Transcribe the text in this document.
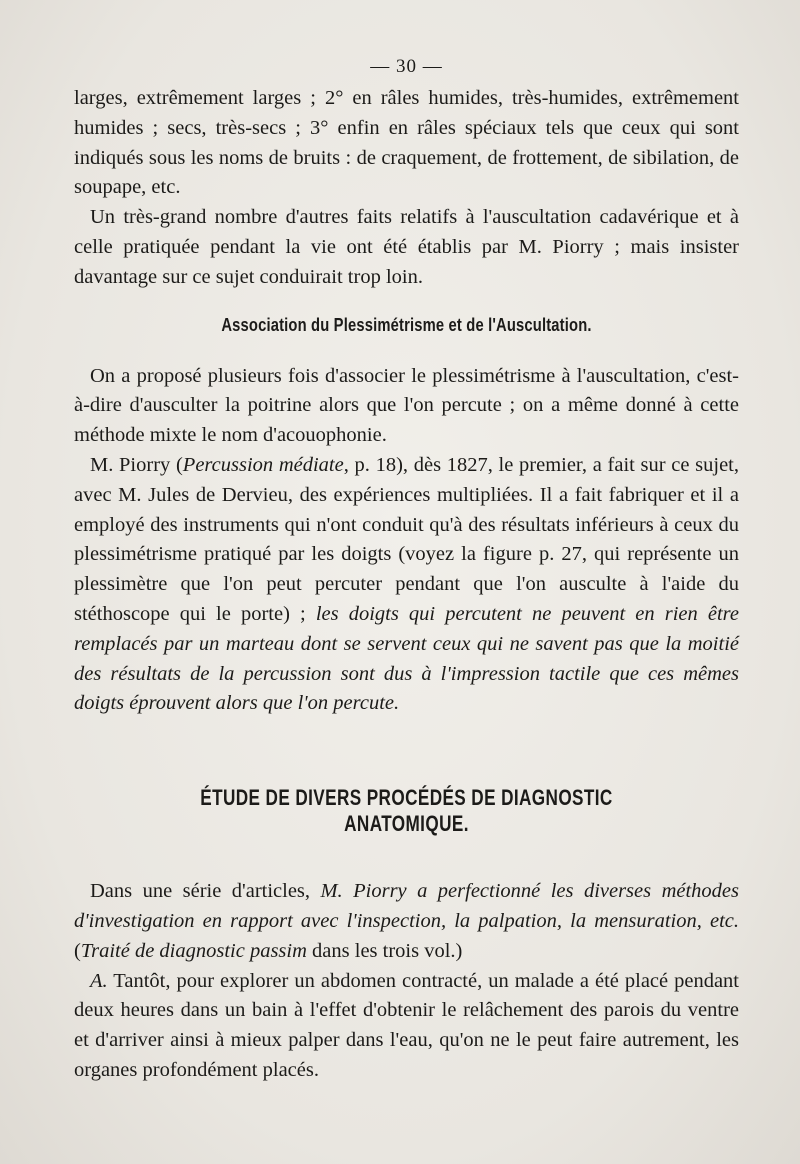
— 30 —

larges, extrêmement larges ; 2° en râles humides, très-humides, extrêmement humides ; secs, très-secs ; 3° enfin en râles spéciaux tels que ceux qui sont indiqués sous les noms de bruits : de craquement, de frottement, de sibilation, de soupape, etc.

Un très-grand nombre d'autres faits relatifs à l'auscultation cadavérique et à celle pratiquée pendant la vie ont été établis par M. Piorry ; mais insister davantage sur ce sujet conduirait trop loin.

Association du Plessimétrisme et de l'Auscultation.

On a proposé plusieurs fois d'associer le plessimétrisme à l'auscultation, c'est-à-dire d'ausculter la poitrine alors que l'on percute ; on a même donné à cette méthode mixte le nom d'acouophonie.

M. Piorry (Percussion médiate, p. 18), dès 1827, le premier, a fait sur ce sujet, avec M. Jules de Dervieu, des expériences multipliées. Il a fait fabriquer et il a employé des instruments qui n'ont conduit qu'à des résultats inférieurs à ceux du plessimétrisme pratiqué par les doigts (voyez la figure p. 27, qui représente un plessimètre que l'on peut percuter pendant que l'on ausculte à l'aide du stéthoscope qui le porte) ; les doigts qui percutent ne peuvent en rien être remplacés par un marteau dont se servent ceux qui ne savent pas que la moitié des résultats de la percussion sont dus à l'impression tactile que ces mêmes doigts éprouvent alors que l'on percute.

ÉTUDE DE DIVERS PROCÉDÉS DE DIAGNOSTIC ANATOMIQUE.

Dans une série d'articles, M. Piorry a perfectionné les diverses méthodes d'investigation en rapport avec l'inspection, la palpation, la mensuration, etc. (Traité de diagnostic passim dans les trois vol.)

A. Tantôt, pour explorer un abdomen contracté, un malade a été placé pendant deux heures dans un bain à l'effet d'obtenir le relâchement des parois du ventre et d'arriver ainsi à mieux palper dans l'eau, qu'on ne le peut faire autrement, les organes profondément placés.
